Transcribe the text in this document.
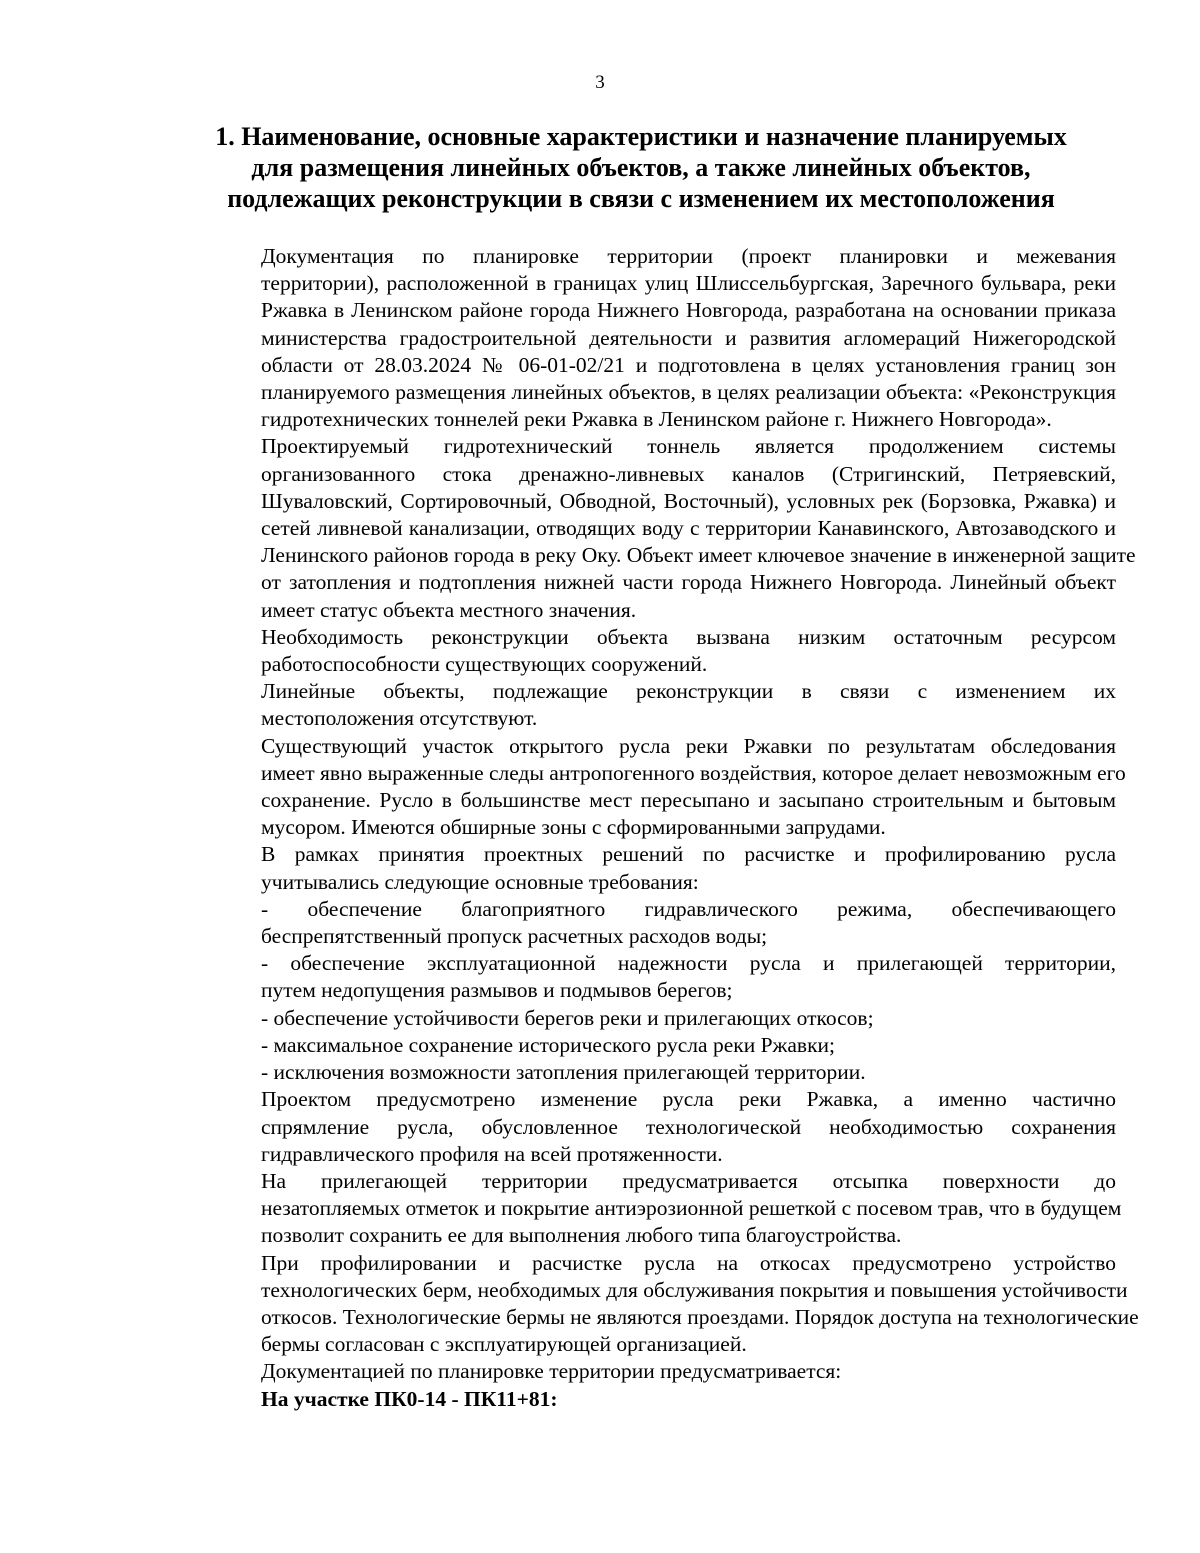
3
1. Наименование, основные характеристики и назначение планируемых
для размещения линейных объектов, а также линейных объектов,
подлежащих реконструкции в связи с изменением их местоположения
Документация по планировке территории (проект планировки и межевания
территории), расположенной в границах улиц Шлиссельбургская, Заречного бульвара, реки
Ржавка в Ленинском районе города Нижнего Новгорода, разработана на основании приказа
министерства градостроительной деятельности и развития агломераций Нижегородской
области от 28.03.2024 № 06-01-02/21 и подготовлена в целях установления границ зон
планируемого размещения линейных объектов, в целях реализации объекта: «Реконструкция
гидротехнических тоннелей реки Ржавка в Ленинском районе г. Нижнего Новгорода».
Проектируемый гидротехнический тоннель является продолжением системы
организованного стока дренажно-ливневых каналов (Стригинский, Петряевский,
Шуваловский, Сортировочный, Обводной, Восточный), условных рек (Борзовка, Ржавка) и
сетей ливневой канализации, отводящих воду с территории Канавинского, Автозаводского и
Ленинского районов города в реку Оку. Объект имеет ключевое значение в инженерной защите
от затопления и подтопления нижней части города Нижнего Новгорода. Линейный объект
имеет статус объекта местного значения.
Необходимость реконструкции объекта вызвана низким остаточным ресурсом
работоспособности существующих сооружений.
Линейные объекты, подлежащие реконструкции в связи с изменением их
местоположения отсутствуют.
Существующий участок открытого русла реки Ржавки по результатам обследования
имеет явно выраженные следы антропогенного воздействия, которое делает невозможным его
сохранение. Русло в большинстве мест пересыпано и засыпано строительным и бытовым
мусором. Имеются обширные зоны с сформированными запрудами.
В рамках принятия проектных решений по расчистке и профилированию русла
учитывались следующие основные требования:
- обеспечение благоприятного гидравлического режима, обеспечивающего
беспрепятственный пропуск расчетных расходов воды;
- обеспечение эксплуатационной надежности русла и прилегающей территории,
путем недопущения размывов и подмывов берегов;
- обеспечение устойчивости берегов реки и прилегающих откосов;
- максимальное сохранение исторического русла реки Ржавки;
- исключения возможности затопления прилегающей территории.
Проектом предусмотрено изменение русла реки Ржавка, а именно частично
спрямление русла, обусловленное технологической необходимостью сохранения
гидравлического профиля на всей протяженности.
На прилегающей территории предусматривается отсыпка поверхности до
незатопляемых отметок и покрытие антиэрозионной решеткой с посевом трав, что в будущем
позволит сохранить ее для выполнения любого типа благоустройства.
При профилировании и расчистке русла на откосах предусмотрено устройство
технологических берм, необходимых для обслуживания покрытия и повышения устойчивости
откосов. Технологические бермы не являются проездами. Порядок доступа на технологические
бермы согласован с эксплуатирующей организацией.
Документацией по планировке территории предусматривается:
На участке ПК0-14 - ПК11+81:
